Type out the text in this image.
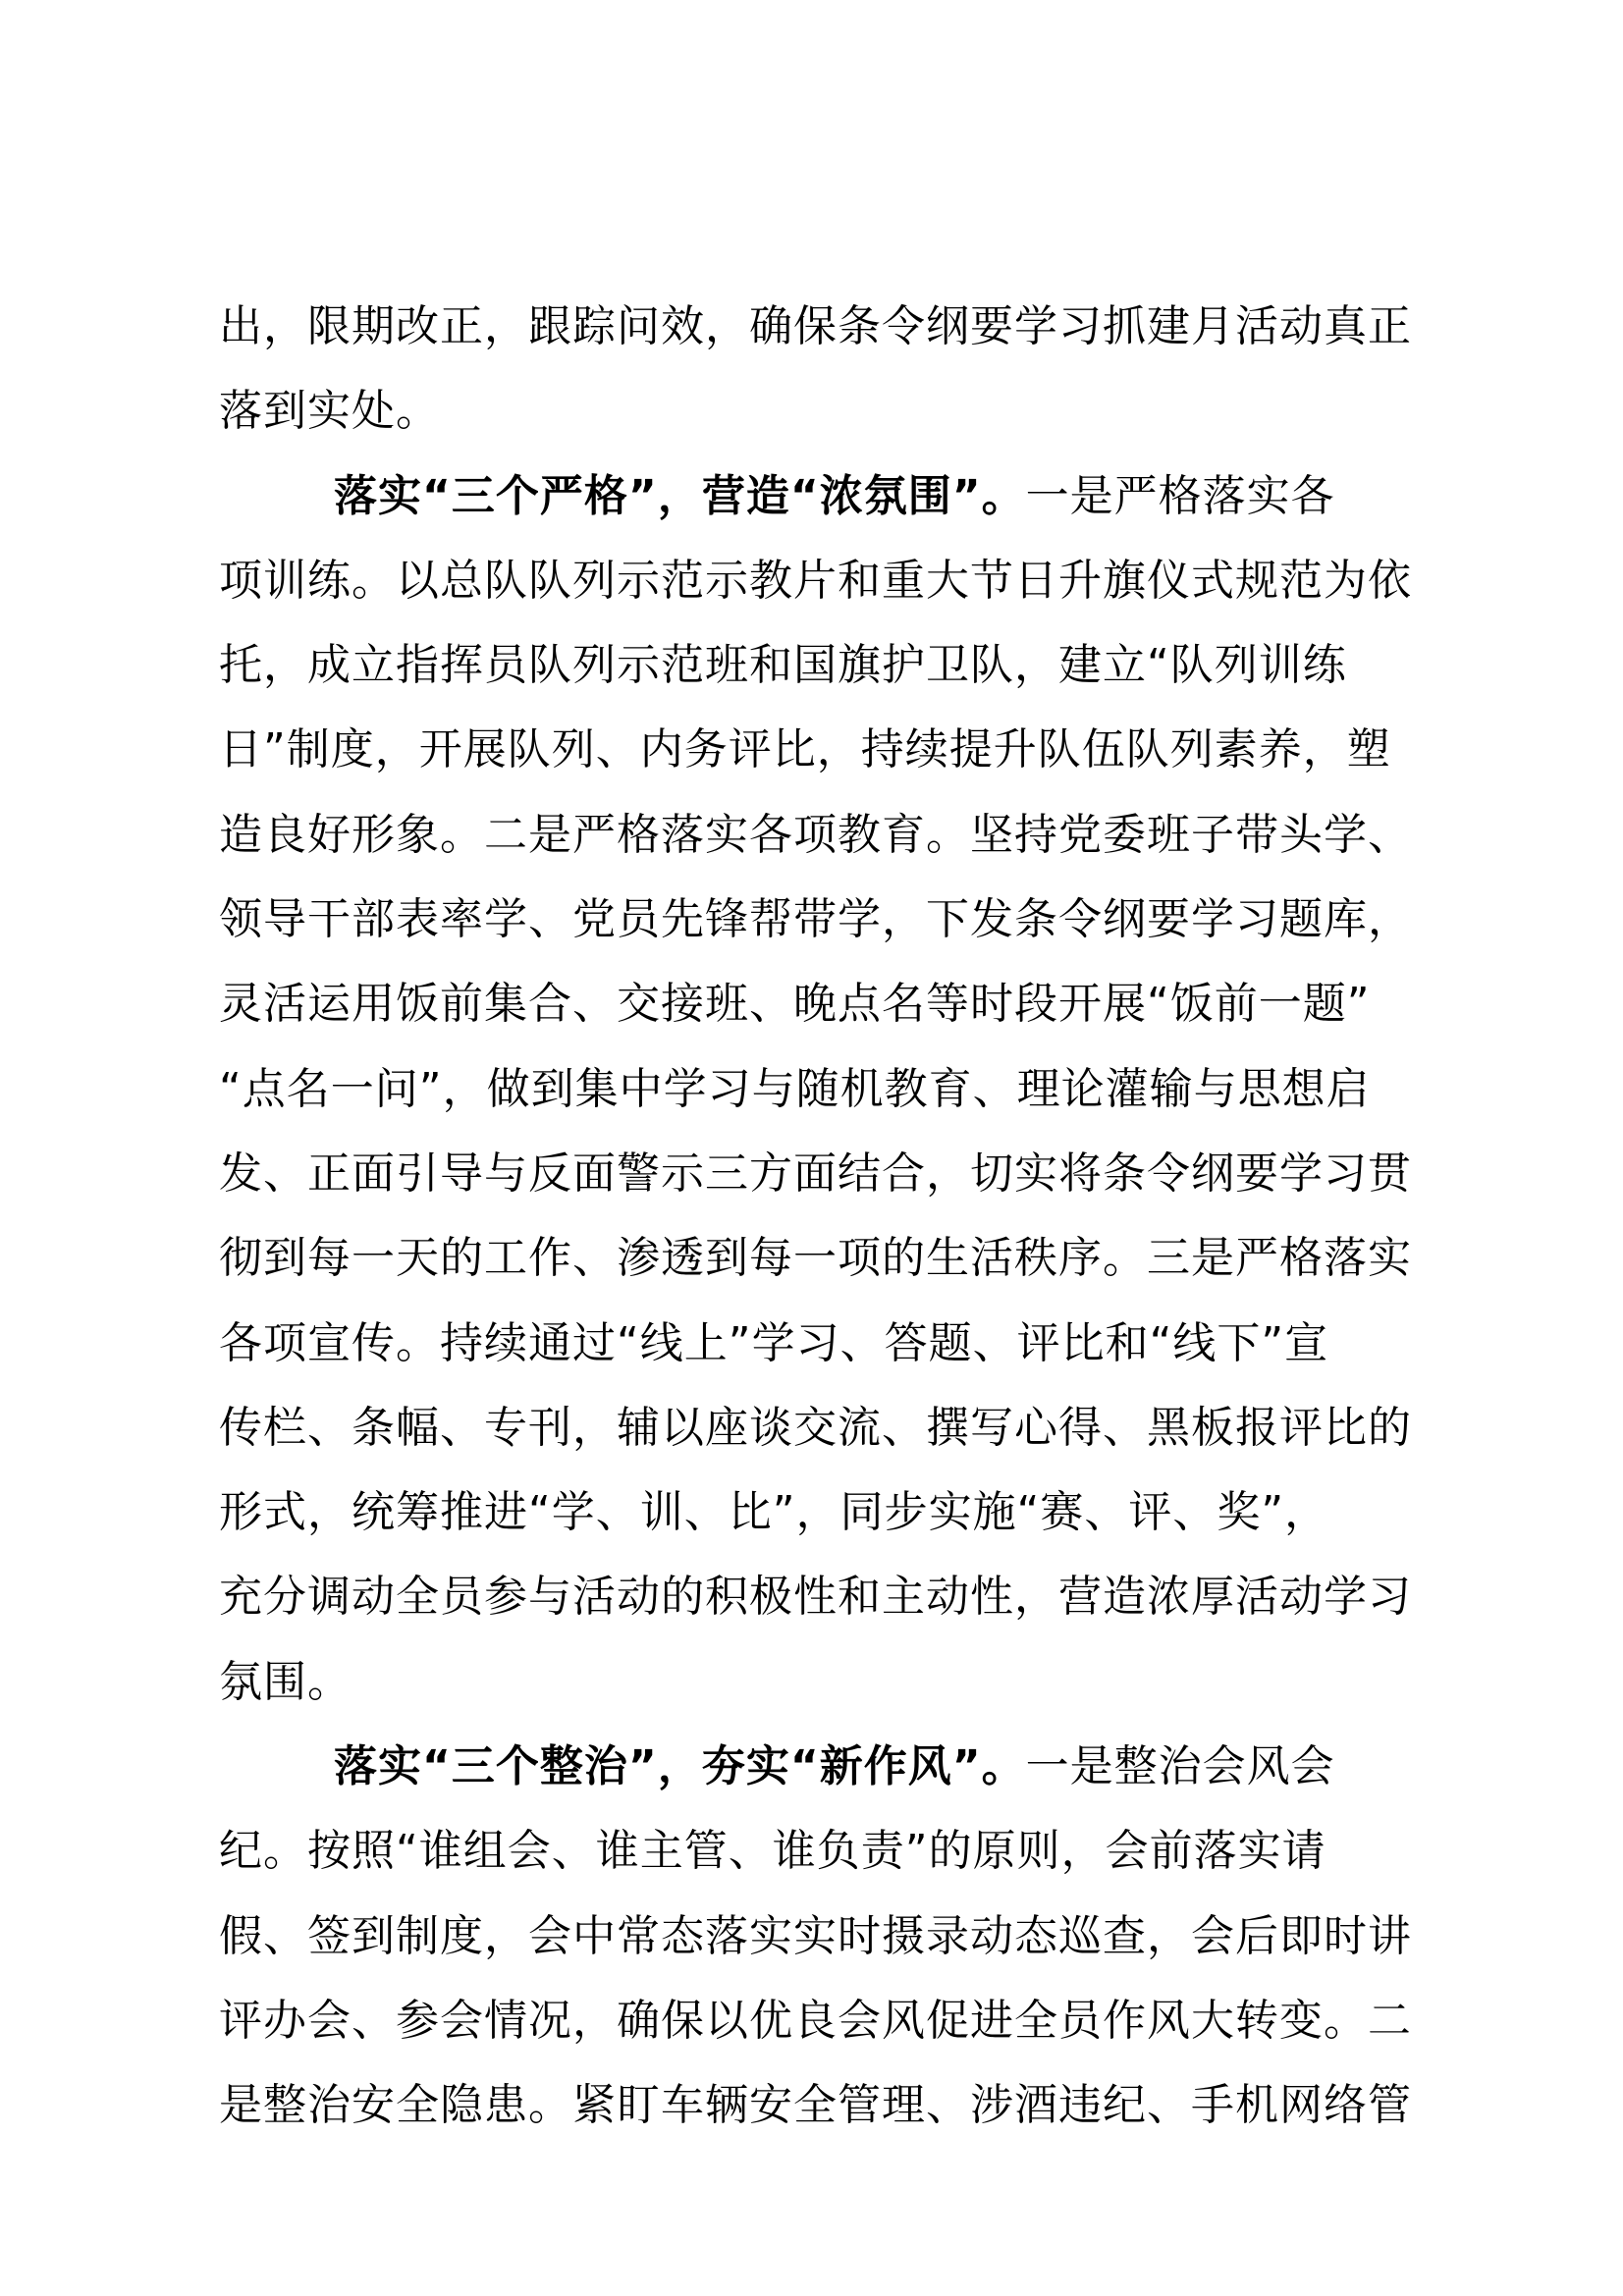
出，限期改正，跟踪问效，确保条令纲要学习抓建月活动真正
落到实处。
落实“三个严格”，营造“浓氛围”。一是严格落实各
项训练。以总队队列示范示教片和重大节日升旗仪式规范为依
托，成立指挥员队列示范班和国旗护卫队，建立“队列训练
日”制度，开展队列、内务评比，持续提升队伍队列素养，塑
造良好形象。二是严格落实各项教育。坚持党委班子带头学、
领导干部表率学、党员先锋帮带学，下发条令纲要学习题库，
灵活运用饭前集合、交接班、晚点名等时段开展“饭前一题”
“点名一问”，做到集中学习与随机教育、理论灌输与思想启
发、正面引导与反面警示三方面结合，切实将条令纲要学习贯
彻到每一天的工作、渗透到每一项的生活秩序。三是严格落实
各项宣传。持续通过“线上”学习、答题、评比和“线下”宣
传栏、条幅、专刊，辅以座谈交流、撰写心得、黑板报评比的
形式，统筹推进“学、训、比”，同步实施“赛、评、奖”，
充分调动全员参与活动的积极性和主动性，营造浓厚活动学习
氛围。
落实“三个整治”，夯实“新作风”。一是整治会风会
纪。按照“谁组会、谁主管、谁负责”的原则，会前落实请
假、签到制度，会中常态落实实时摄录动态巡查，会后即时讲
评办会、参会情况，确保以优良会风促进全员作风大转变。二
是整治安全隐患。紧盯车辆安全管理、涉酒违纪、手机网络管
